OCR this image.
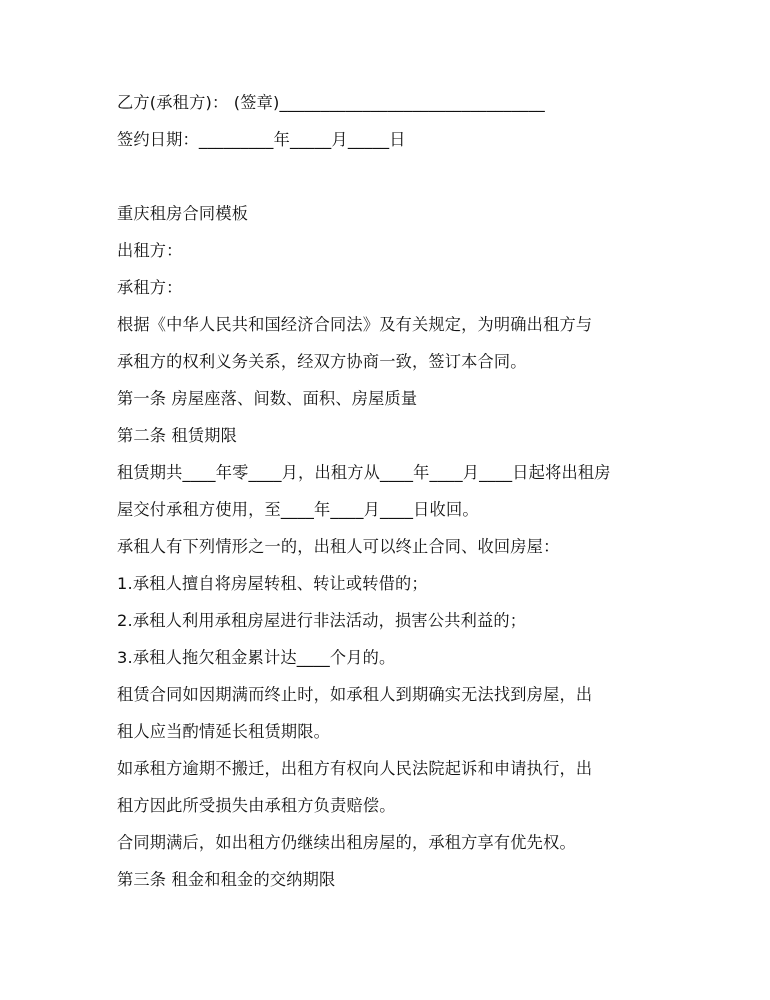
乙方(承租方)： (签章)________________________________
签约日期：_________年_____月_____日
重庆租房合同模板
出租方：
承租方：
根据《中华人民共和国经济合同法》及有关规定，为明确出租方与
承租方的权利义务关系，经双方协商一致，签订本合同。
第一条 房屋座落、间数、面积、房屋质量
第二条 租赁期限
租赁期共____年零____月，出租方从____年____月____日起将出租房
屋交付承租方使用，至____年____月____日收回。
承租人有下列情形之一的，出租人可以终止合同、收回房屋：
1.承租人擅自将房屋转租、转让或转借的；
2.承租人利用承租房屋进行非法活动，损害公共利益的；
3.承租人拖欠租金累计达____个月的。
租赁合同如因期满而终止时，如承租人到期确实无法找到房屋，出
租人应当酌情延长租赁期限。
如承租方逾期不搬迁，出租方有权向人民法院起诉和申请执行，出
租方因此所受损失由承租方负责赔偿。
合同期满后，如出租方仍继续出租房屋的，承租方享有优先权。
第三条 租金和租金的交纳期限
